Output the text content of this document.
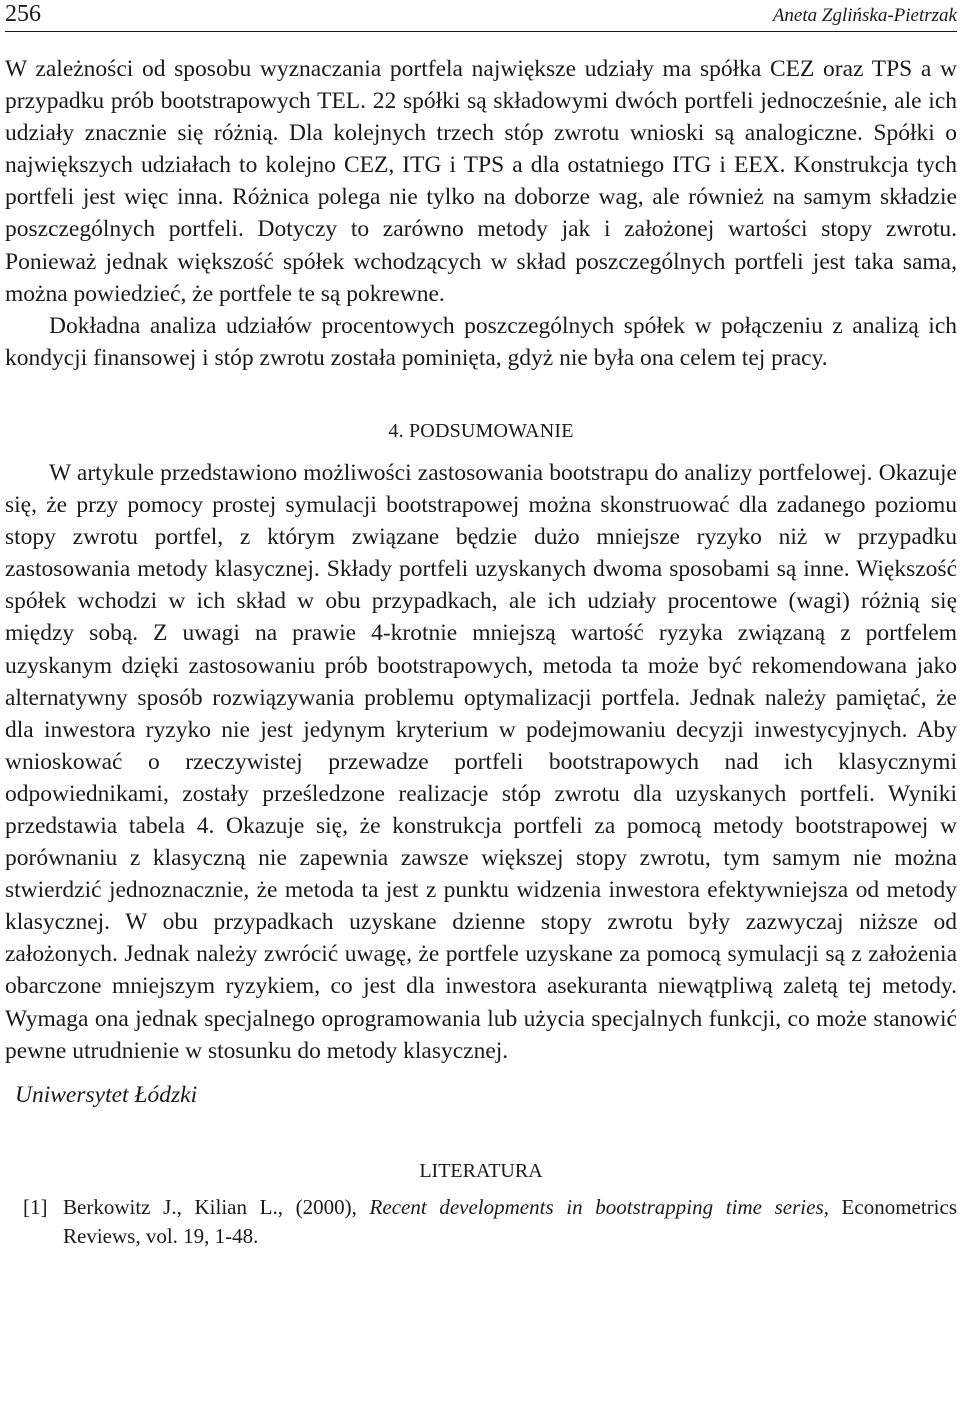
256	Aneta Zglińska-Pietrzak

W zależności od sposobu wyznaczania portfela największe udziały ma spółka CEZ oraz TPS a w przypadku prób bootstrapowych TEL. 22 spółki są składowymi dwóch portfeli jednocześnie, ale ich udziały znacznie się różnią. Dla kolejnych trzech stóp zwrotu wnioski są analogiczne. Spółki o największych udziałach to kolejno CEZ, ITG i TPS a dla ostatniego ITG i EEX. Konstrukcja tych portfeli jest więc inna. Różnica polega nie tylko na doborze wag, ale również na samym składzie poszczególnych portfeli. Dotyczy to zarówno metody jak i założonej wartości stopy zwrotu. Ponieważ jednak większość spółek wchodzących w skład poszczególnych portfeli jest taka sama, można powiedzieć, że portfele te są pokrewne.

Dokładna analiza udziałów procentowych poszczególnych spółek w połączeniu z analizą ich kondycji finansowej i stóp zwrotu została pominięta, gdyż nie była ona celem tej pracy.

4. PODSUMOWANIE

W artykule przedstawiono możliwości zastosowania bootstrapu do analizy portfelowej. Okazuje się, że przy pomocy prostej symulacji bootstrapowej można skonstruować dla zadanego poziomu stopy zwrotu portfel, z którym związane będzie dużo mniejsze ryzyko niż w przypadku zastosowania metody klasycznej. Składy portfeli uzyskanych dwoma sposobami są inne. Większość spółek wchodzi w ich skład w obu przypadkach, ale ich udziały procentowe (wagi) różnią się między sobą. Z uwagi na prawie 4-krotnie mniejszą wartość ryzyka związaną z portfelem uzyskanym dzięki zastosowaniu prób bootstrapowych, metoda ta może być rekomendowana jako alternatywny sposób rozwiązywania problemu optymalizacji portfela. Jednak należy pamiętać, że dla inwestora ryzyko nie jest jedynym kryterium w podejmowaniu decyzji inwestycyjnych. Aby wnioskować o rzeczywistej przewadze portfeli bootstrapowych nad ich klasycznymi odpowiednikami, zostały prześledzone realizacje stóp zwrotu dla uzyskanych portfeli. Wyniki przedstawia tabela 4. Okazuje się, że konstrukcja portfeli za pomocą metody bootstrapowej w porównaniu z klasyczną nie zapewnia zawsze większej stopy zwrotu, tym samym nie można stwierdzić jednoznacznie, że metoda ta jest z punktu widzenia inwestora efektywniejsza od metody klasycznej. W obu przypadkach uzyskane dzienne stopy zwrotu były zazwyczaj niższe od założonych. Jednak należy zwrócić uwagę, że portfele uzyskane za pomocą symulacji są z założenia obarczone mniejszym ryzykiem, co jest dla inwestora asekuranta niewątpliwą zaletą tej metody. Wymaga ona jednak specjalnego oprogramowania lub użycia specjalnych funkcji, co może stanowić pewne utrudnienie w stosunku do metody klasycznej.

Uniwersytet Łódzki
LITERATURA
[1] Berkowitz J., Kilian L., (2000), Recent developments in bootstrapping time series, Econometrics Reviews, vol. 19, 1-48.
